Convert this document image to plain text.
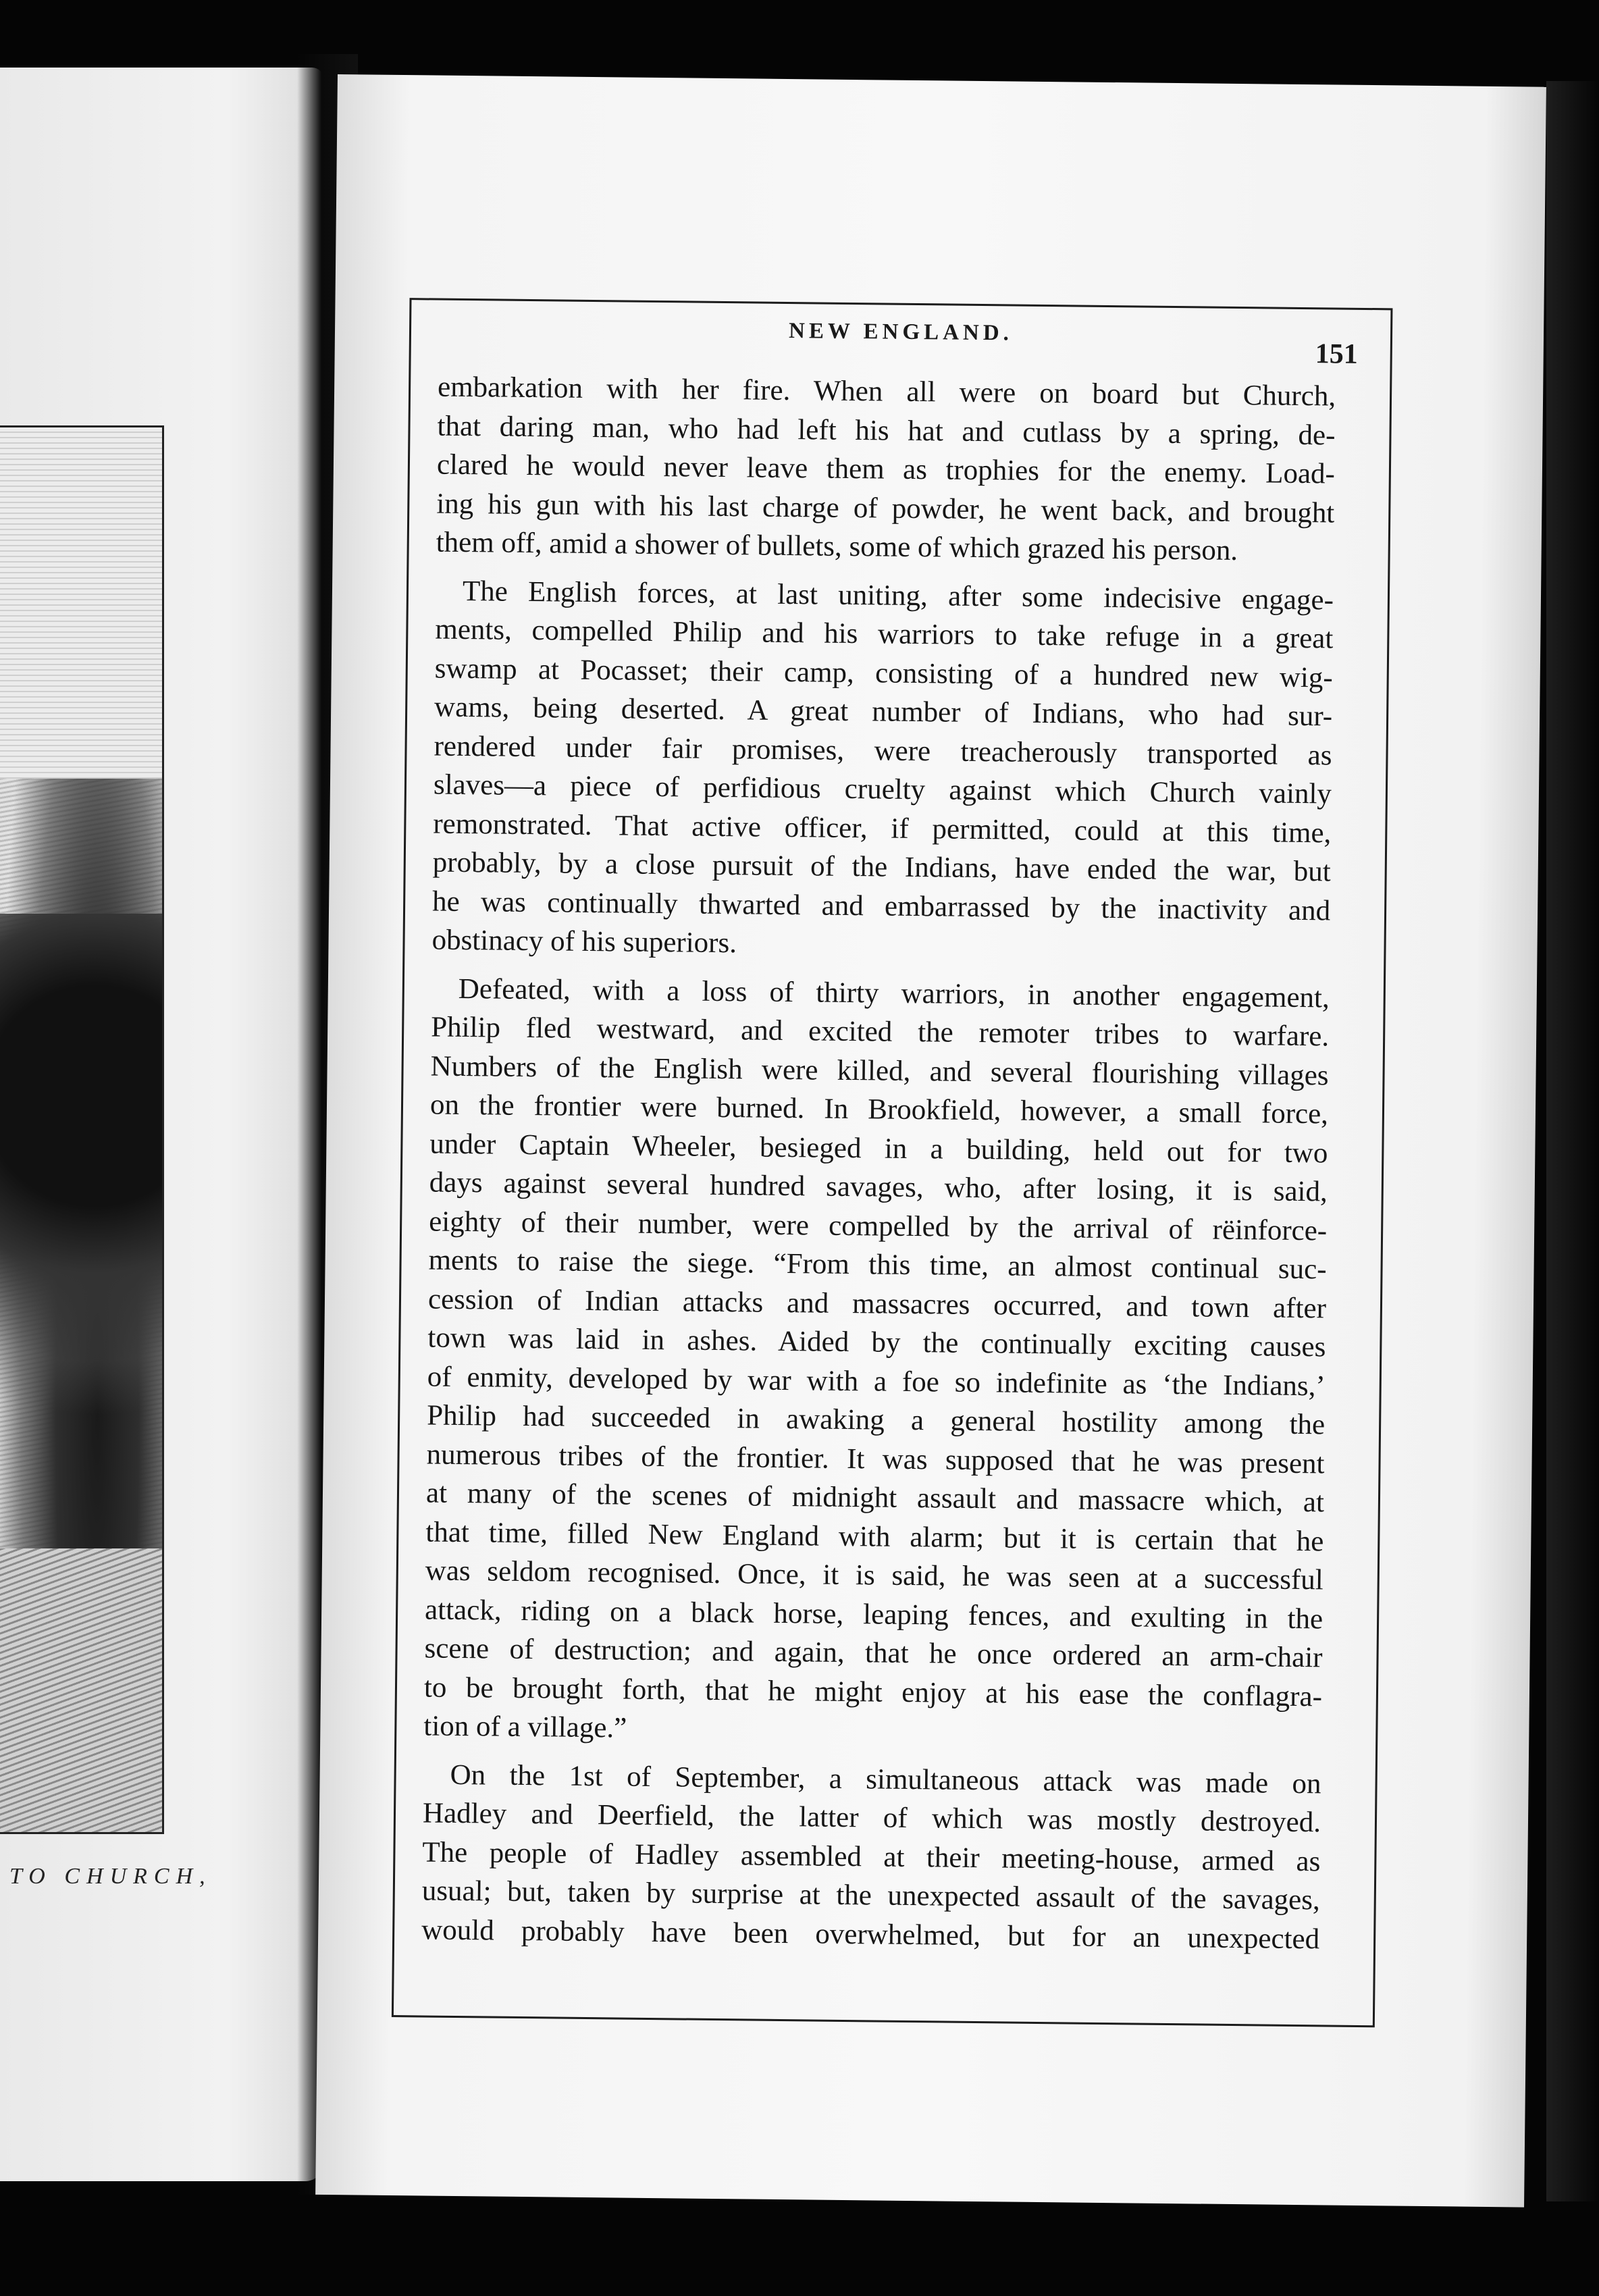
TO CHURCH,
NEW ENGLAND.
151

embarkation with her fire. When all were on board but Church,
that daring man, who had left his hat and cutlass by a spring, de-
clared he would never leave them as trophies for the enemy. Load-
ing his gun with his last charge of powder, he went back, and brought
them off, amid a shower of bullets, some of which grazed his person.

The English forces, at last uniting, after some indecisive engage-
ments, compelled Philip and his warriors to take refuge in a great
swamp at Pocasset; their camp, consisting of a hundred new wig-
wams, being deserted. A great number of Indians, who had sur-
rendered under fair promises, were treacherously transported as
slaves—a piece of perfidious cruelty against which Church vainly
remonstrated. That active officer, if permitted, could at this time,
probably, by a close pursuit of the Indians, have ended the war, but
he was continually thwarted and embarrassed by the inactivity and
obstinacy of his superiors.

Defeated, with a loss of thirty warriors, in another engagement,
Philip fled westward, and excited the remoter tribes to warfare.
Numbers of the English were killed, and several flourishing villages
on the frontier were burned. In Brookfield, however, a small force,
under Captain Wheeler, besieged in a building, held out for two
days against several hundred savages, who, after losing, it is said,
eighty of their number, were compelled by the arrival of rëinforce-
ments to raise the siege. “From this time, an almost continual suc-
cession of Indian attacks and massacres occurred, and town after
town was laid in ashes. Aided by the continually exciting causes
of enmity, developed by war with a foe so indefinite as ‘the Indians,’
Philip had succeeded in awaking a general hostility among the
numerous tribes of the frontier. It was supposed that he was present
at many of the scenes of midnight assault and massacre which, at
that time, filled New England with alarm; but it is certain that he
was seldom recognised. Once, it is said, he was seen at a successful
attack, riding on a black horse, leaping fences, and exulting in the
scene of destruction; and again, that he once ordered an arm-chair
to be brought forth, that he might enjoy at his ease the conflagra-
tion of a village.”

On the 1st of September, a simultaneous attack was made on
Hadley and Deerfield, the latter of which was mostly destroyed.
The people of Hadley assembled at their meeting-house, armed as
usual; but, taken by surprise at the unexpected assault of the savages,
would probably have been overwhelmed, but for an unexpected
